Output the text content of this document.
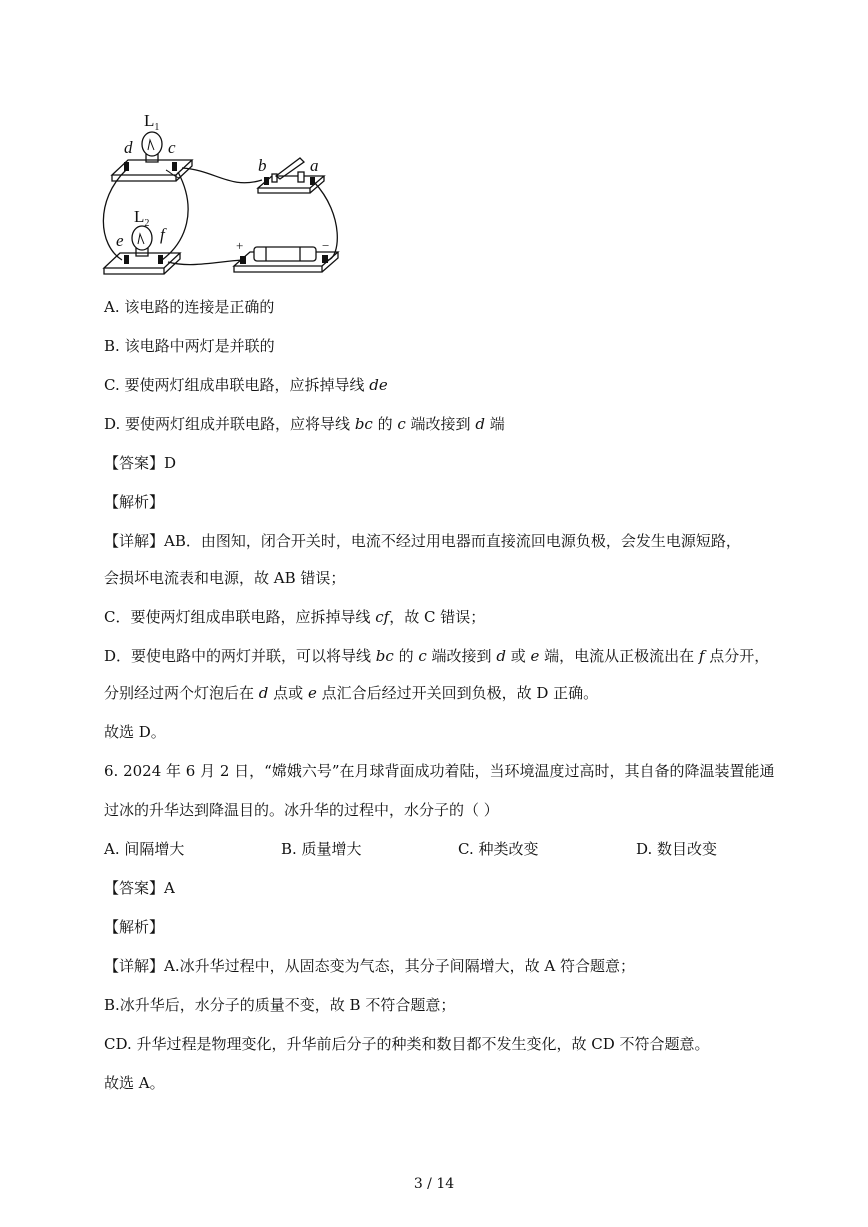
$L_1$
$L_2$
d c
e f
b	a
+	−
A. 该电路的连接是正确的
B. 该电路中两灯是并联的
C. 要使两灯组成串联电路，应拆掉导线 de
D. 要使两灯组成并联电路，应将导线 bc 的 c 端改接到 d 端
【答案】D
【解析】
【详解】AB．由图知，闭合开关时，电流不经过用电器而直接流回电源负极，会发生电源短路，
会损坏电流表和电源，故 AB 错误；
C．要使两灯组成串联电路，应拆掉导线 cf，故 C 错误；
D．要使电路中的两灯并联，可以将导线 bc 的 c 端改接到 d 或 e 端，电流从正极流出在 f 点分开，
分别经过两个灯泡后在 d 点或 e 点汇合后经过开关回到负极，故 D 正确。
故选 D。
6. 2024 年 6 月 2 日，“嫦娥六号”在月球背面成功着陆，当环境温度过高时，其自备的降温装置能通
过冰的升华达到降温目的。冰升华的过程中，水分子的（ ）
A. 间隔增大	B. 质量增大	C. 种类改变	D. 数目改变
【答案】A
【解析】
【详解】A.冰升华过程中，从固态变为气态，其分子间隔增大，故 A 符合题意；
B.冰升华后，水分子的质量不变，故 B 不符合题意；
CD. 升华过程是物理变化，升华前后分子的种类和数目都不发生变化，故 CD 不符合题意。
故选 A。
3 / 14
